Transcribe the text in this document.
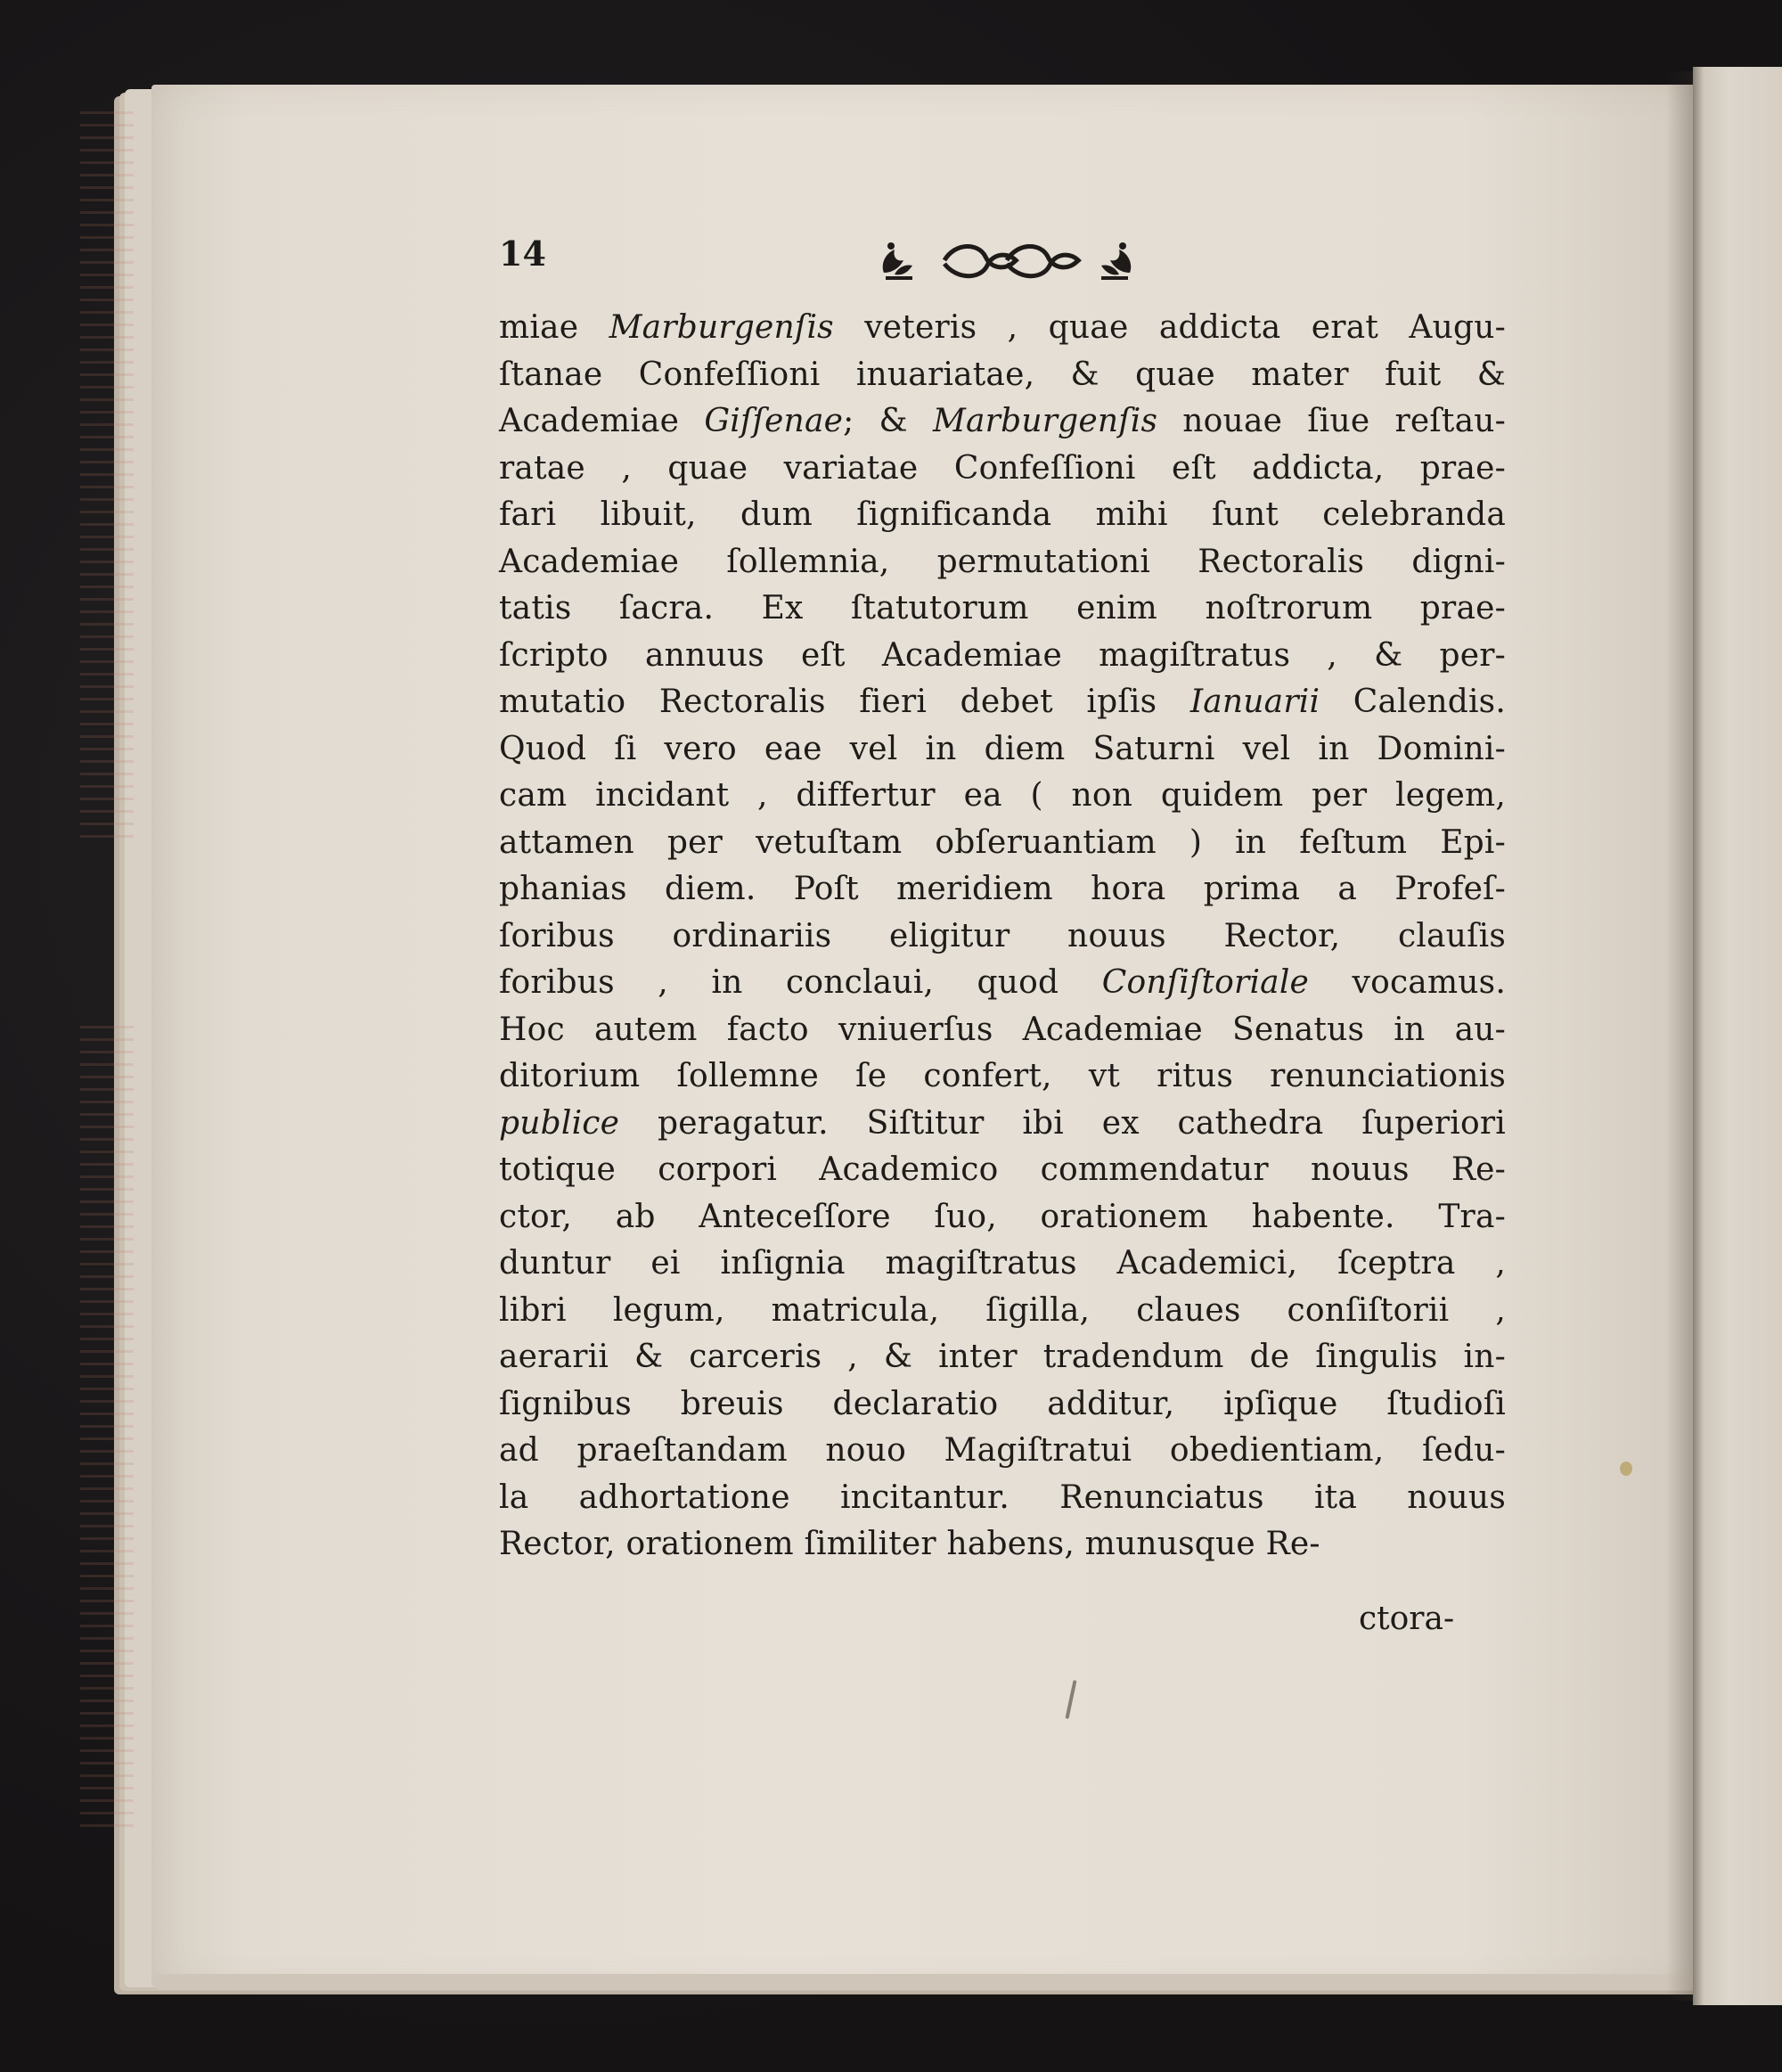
14
miae Marburgenſis veteris , quae addicta erat Augu-
ſtanae Confeſſioni inuariatae, & quae mater fuit &
Academiae Giſſenae; & Marburgenſis nouae ſiue reſtau-
ratae , quae variatae Confeſſioni eſt addicta, prae-
fari libuit, dum ſignificanda mihi ſunt celebranda
Academiae ſollemnia, permutationi Rectoralis digni-
tatis ſacra. Ex ſtatutorum enim noſtrorum prae-
ſcripto annuus eſt Academiae magiſtratus , & per-
mutatio Rectoralis fieri debet ipſis Ianuarii Calendis.
Quod ſi vero eae vel in diem Saturni vel in Domini-
cam incidant , differtur ea ( non quidem per legem,
attamen per vetuſtam obſeruantiam ) in feſtum Epi-
phanias diem. Poſt meridiem hora prima a Profeſ-
ſoribus ordinariis eligitur nouus Rector, clauſis
foribus , in conclaui, quod Conſiſtoriale vocamus.
Hoc autem facto vniuerſus Academiae Senatus in au-
ditorium ſollemne ſe confert, vt ritus renunciationis
publice peragatur. Siſtitur ibi ex cathedra ſuperiori
totique corpori Academico commendatur nouus Re-
ctor, ab Anteceſſore ſuo, orationem habente. Tra-
duntur ei inſignia magiſtratus Academici, ſceptra ,
libri legum, matricula, ſigilla, claues conſiſtorii ,
aerarii & carceris , & inter tradendum de ſingulis in-
ſignibus breuis declaratio additur, ipſique ſtudioſi
ad praeſtandam nouo Magiſtratui obedientiam, ſedu-
la adhortatione incitantur. Renunciatus ita nouus
Rector, orationem ſimiliter habens, munusque Re-
ctora-
